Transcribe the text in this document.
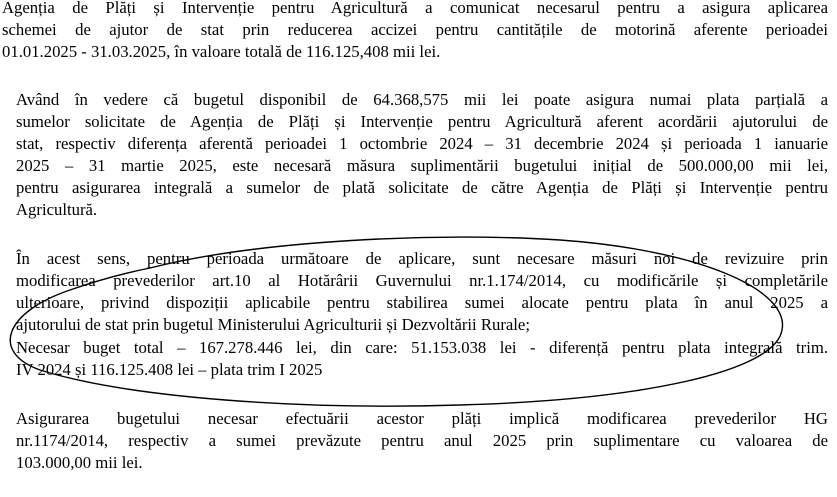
Agenția de Plăți și Intervenție pentru Agricultură a comunicat necesarul pentru a asigura aplicarea
schemei de ajutor de stat prin reducerea accizei pentru cantitățile de motorină aferente perioadei
01.01.2025 - 31.03.2025, în valoare totală de 116.125,408 mii lei.
Având în vedere că bugetul disponibil de 64.368,575 mii lei poate asigura numai plata parțială a
sumelor solicitate de Agenția de Plăți și Intervenție pentru Agricultură aferent acordării ajutorului de
stat, respectiv diferența aferentă perioadei 1 octombrie 2024 – 31 decembrie 2024 și perioada 1 ianuarie
2025 – 31 martie 2025, este necesară măsura suplimentării bugetului inițial de 500.000,00 mii lei,
pentru asigurarea integrală a sumelor de plată solicitate de către Agenția de Plăți și Intervenție pentru
Agricultură.
În acest sens, pentru perioada următoare de aplicare, sunt necesare măsuri noi de revizuire prin
modificarea prevederilor art.10 al Hotărârii Guvernului nr.1.174/2014, cu modificările și completările
ulterioare, privind dispoziții aplicabile pentru stabilirea sumei alocate pentru plata în anul 2025 a
ajutorului de stat prin bugetul Ministerului Agriculturii și Dezvoltării Rurale;
Necesar buget total – 167.278.446 lei, din care: 51.153.038 lei - diferență pentru plata integrală trim.
IV 2024 și 116.125.408 lei – plata trim I 2025
Asigurarea bugetului necesar efectuării acestor plăți implică modificarea prevederilor HG
nr.1174/2014, respectiv a sumei prevăzute pentru anul 2025 prin suplimentare cu valoarea de
103.000,00 mii lei.
